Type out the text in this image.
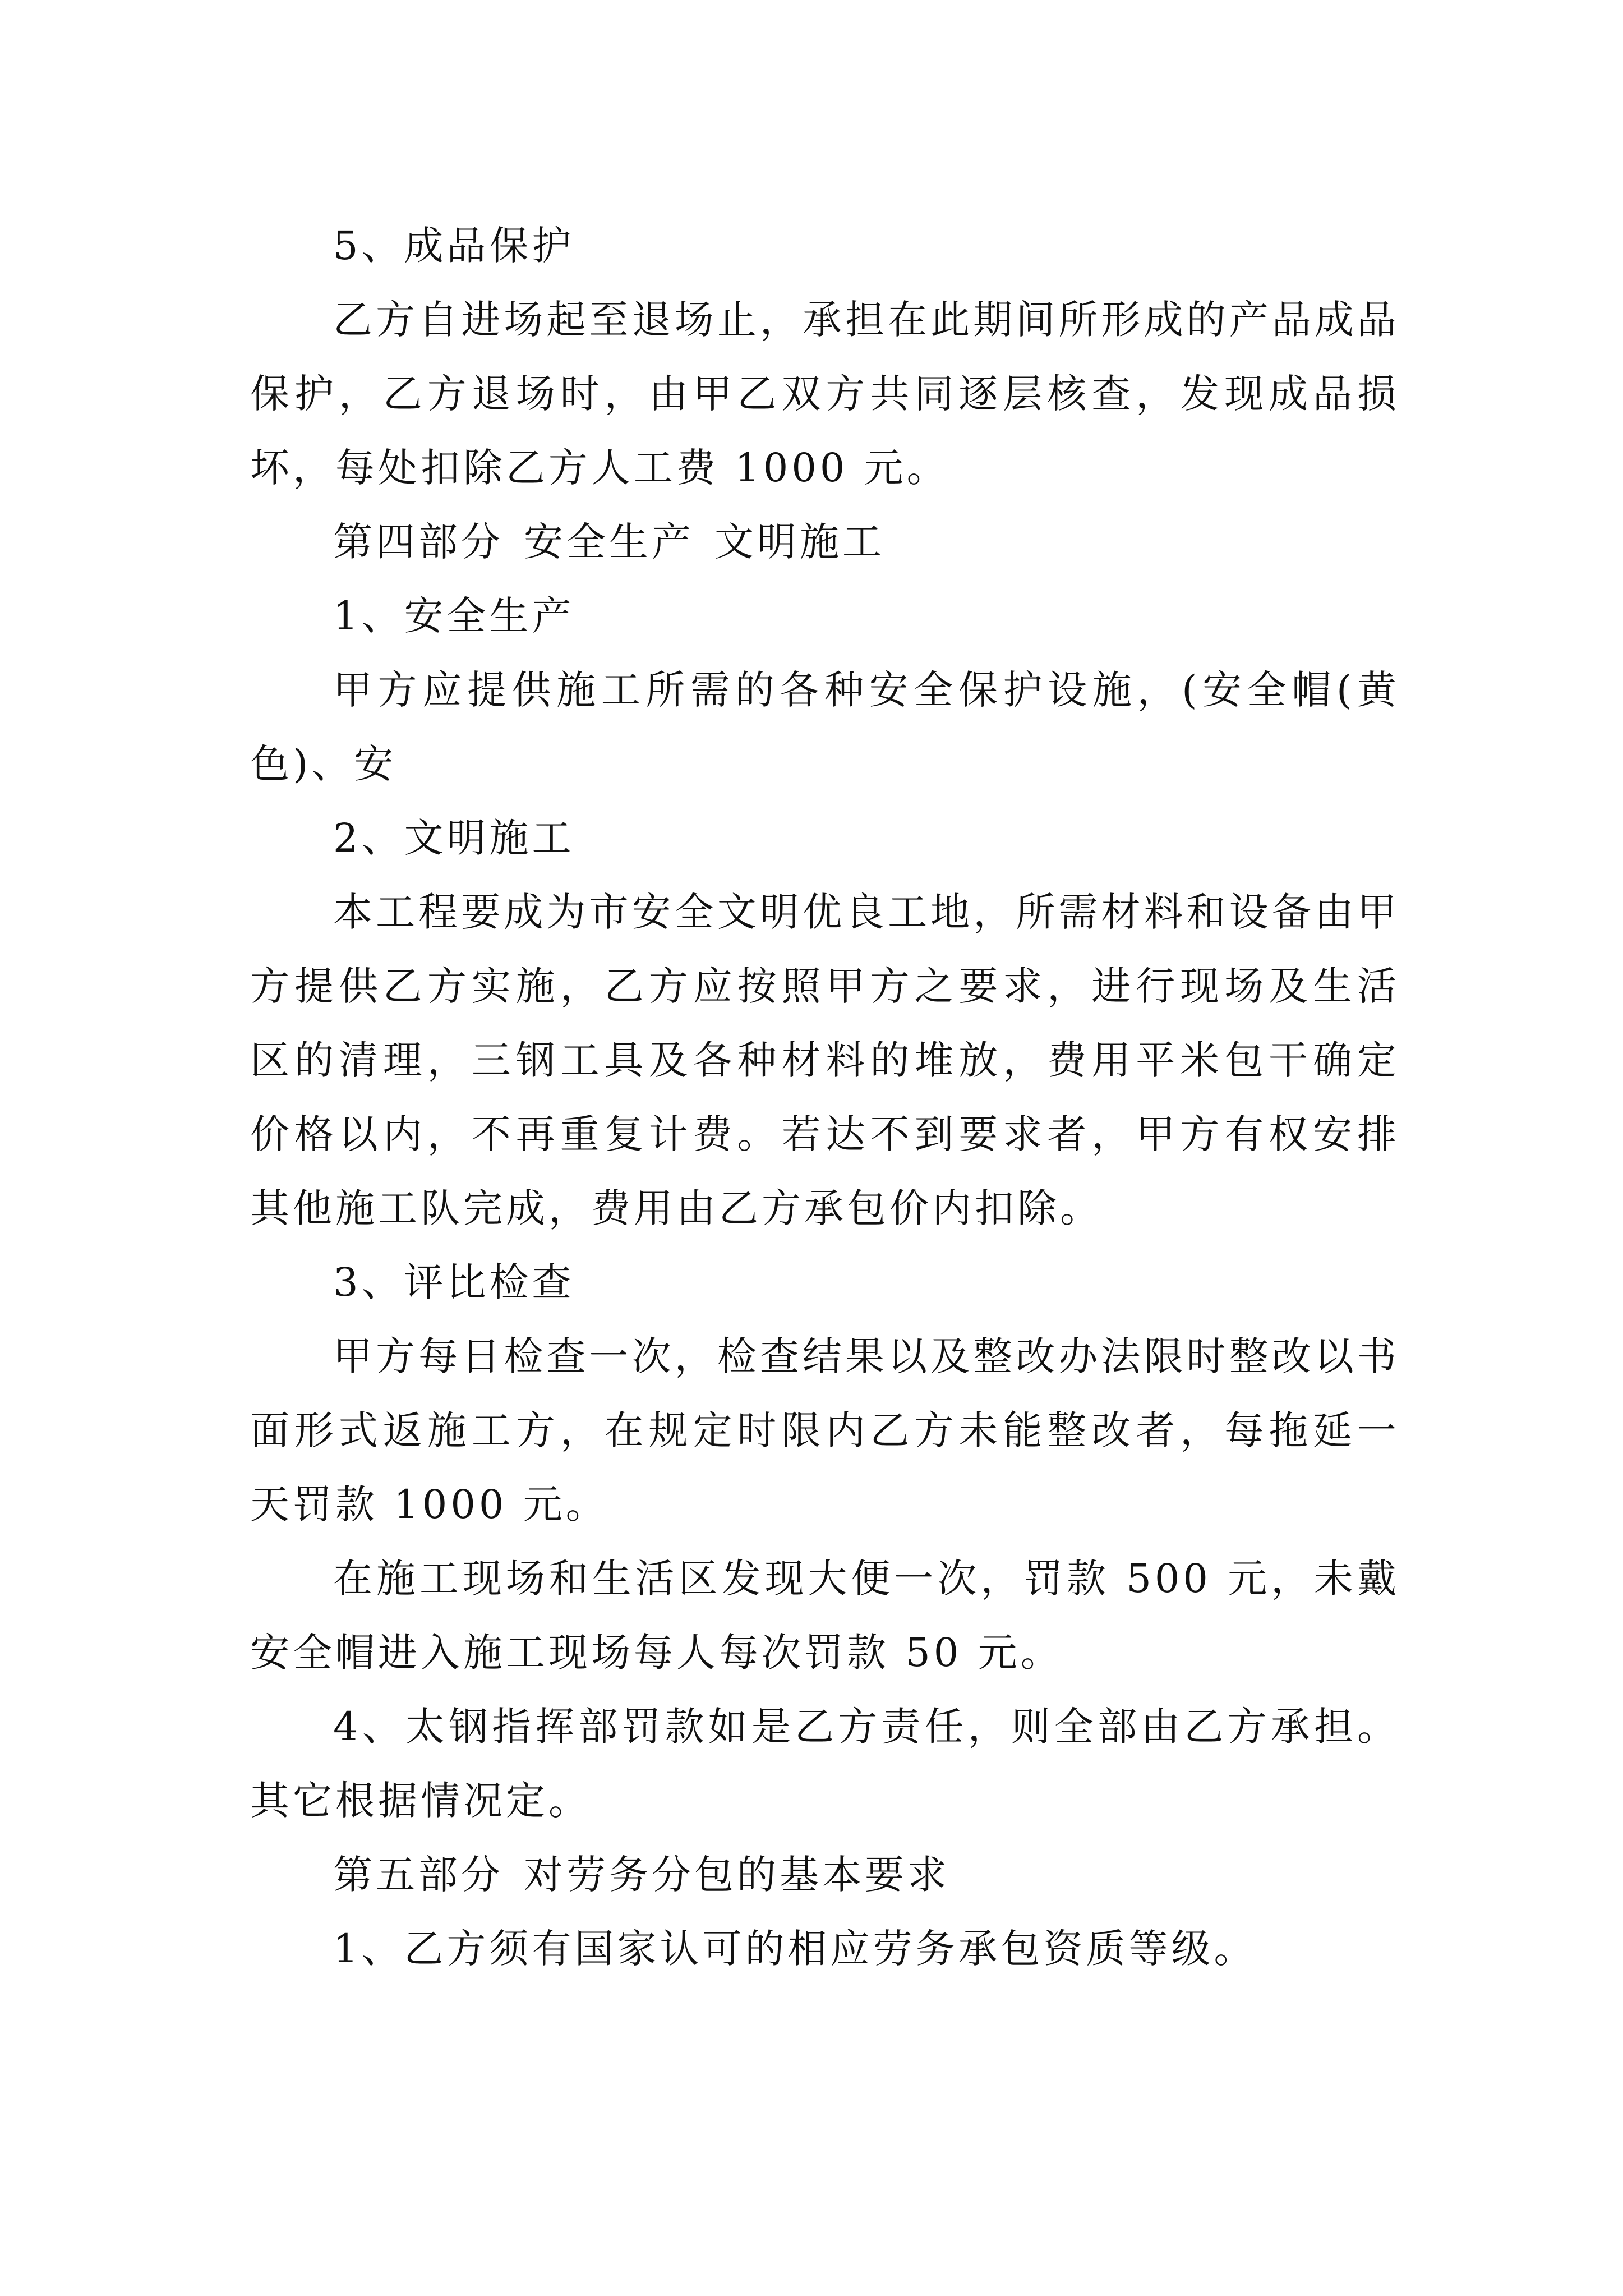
5、成品保护

乙方自进场起至退场止，承担在此期间所形成的产品成品保护，乙方退场时，由甲乙双方共同逐层核查，发现成品损坏，每处扣除乙方人工费 1000 元。

第四部分 安全生产 文明施工

1、安全生产

甲方应提供施工所需的各种安全保护设施，(安全帽(黄色)、安

2、文明施工

本工程要成为市安全文明优良工地，所需材料和设备由甲方提供乙方实施，乙方应按照甲方之要求，进行现场及生活区的清理，三钢工具及各种材料的堆放，费用平米包干确定价格以内，不再重复计费。若达不到要求者，甲方有权安排其他施工队完成，费用由乙方承包价内扣除。

3、评比检查

甲方每日检查一次，检查结果以及整改办法限时整改以书面形式返施工方，在规定时限内乙方未能整改者，每拖延一天罚款 1000 元。

在施工现场和生活区发现大便一次，罚款 500 元，未戴安全帽进入施工现场每人每次罚款 50 元。

4、太钢指挥部罚款如是乙方责任，则全部由乙方承担。其它根据情况定。

第五部分 对劳务分包的基本要求

1、乙方须有国家认可的相应劳务承包资质等级。
